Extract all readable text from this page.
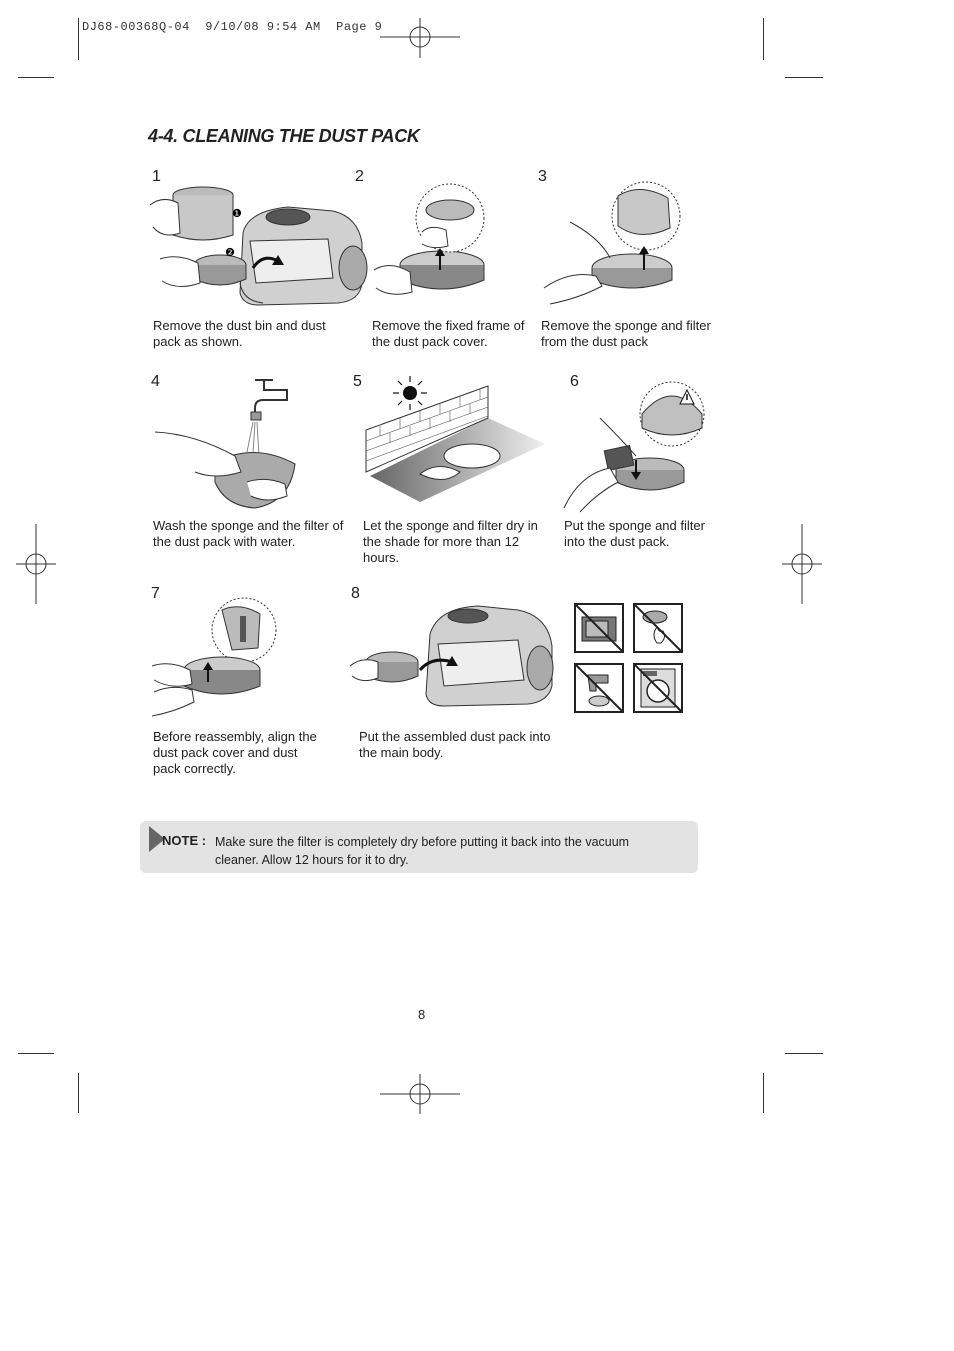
DJ68-00368Q-04  9/10/08 9:54 AM  Page 9
4-4. CLEANING THE DUST PACK
1
❶
❷
Remove the dust bin and dust pack as shown.
2
Remove the fixed frame of the dust pack cover.
3
Remove the sponge and filter from the dust pack
4
Wash the sponge and the filter of the dust pack with water.
5
Let the sponge and filter dry in the shade for more than 12 hours.
6
Put the sponge and filter into the dust pack.
7
Before reassembly, align the dust pack cover and dust pack correctly.
8
Put the assembled dust pack into the main body.
NOTE : Make sure the filter is completely dry before putting it back into the vacuum cleaner. Allow 12 hours for it to dry.
8
